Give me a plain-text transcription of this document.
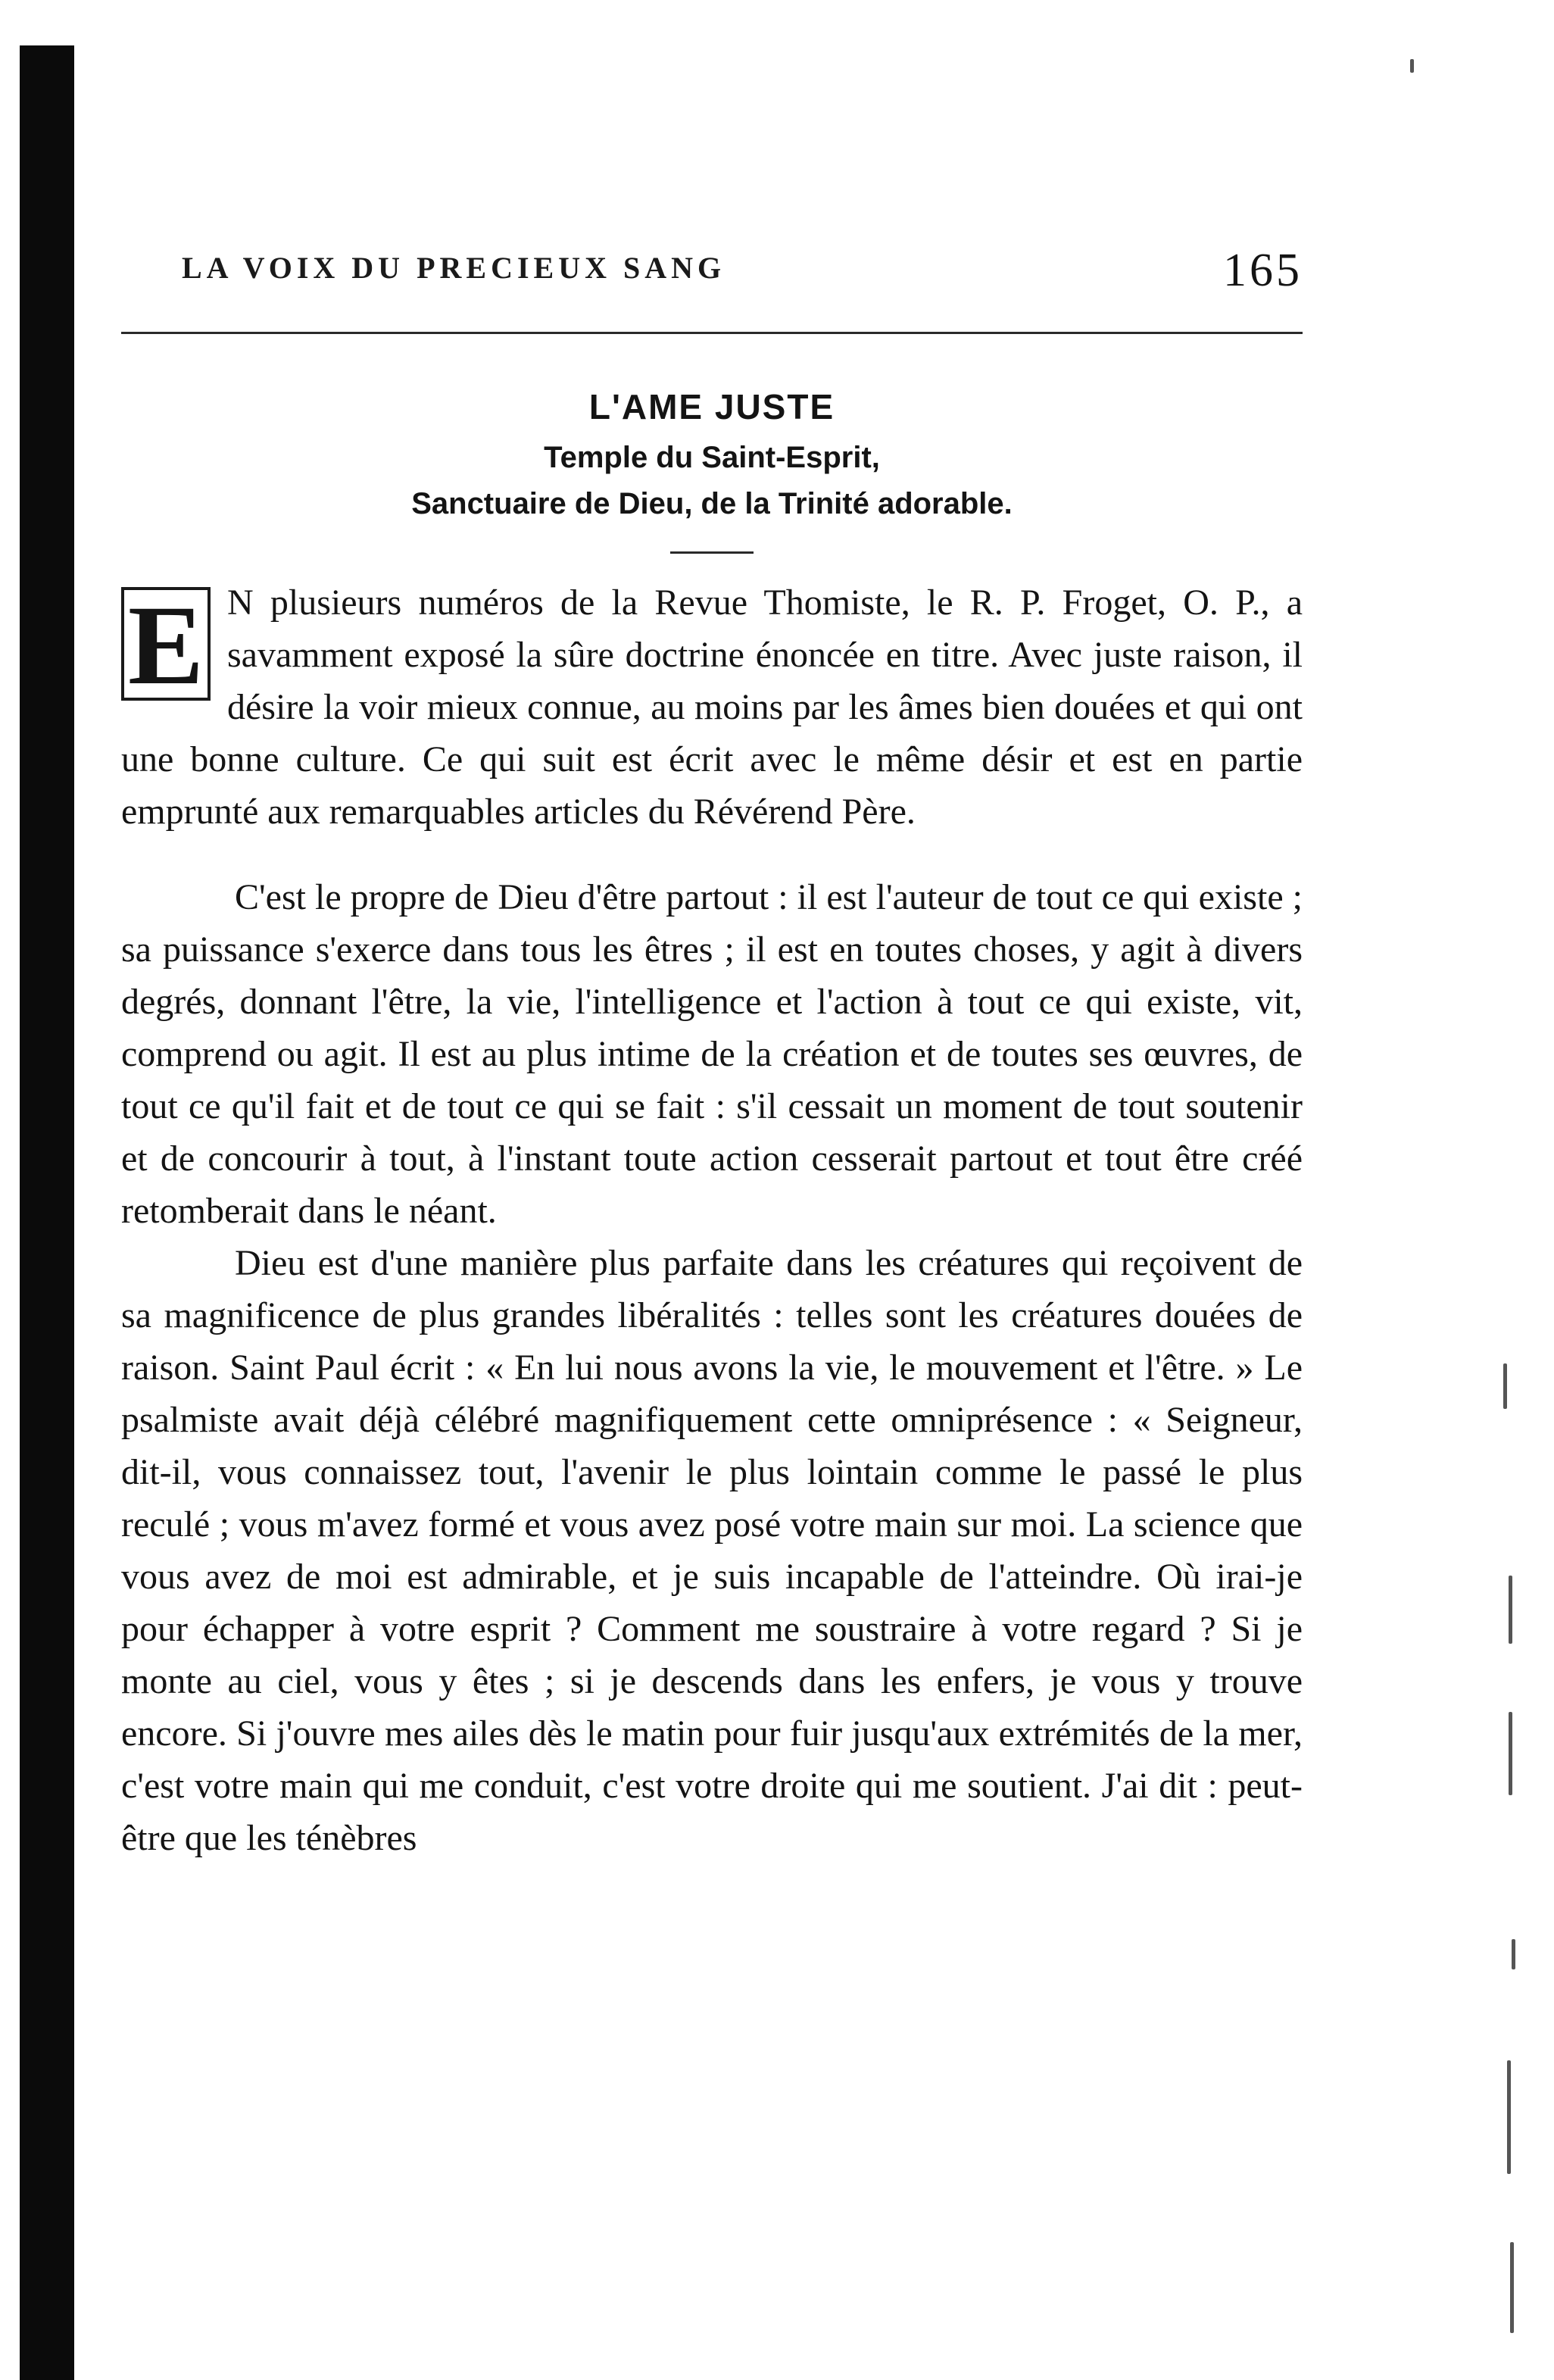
LA VOIX DU PRECIEUX SANG	165
L'AME JUSTE
Temple du Saint-Esprit,
Sanctuaire de Dieu, de la Trinité adorable.

E N plusieurs numéros de la Revue Thomiste, le R. P. Froget, O. P., a savamment exposé la sûre doctrine énoncée en titre. Avec juste raison, il désire la voir mieux connue, au moins par les âmes bien douées et qui ont une bonne culture. Ce qui suit est écrit avec le même désir et est en partie emprunté aux remarquables articles du Révérend Père.

C'est le propre de Dieu d'être partout : il est l'auteur de tout ce qui existe ; sa puissance s'exerce dans tous les êtres ; il est en toutes choses, y agit à divers degrés, donnant l'être, la vie, l'intelligence et l'action à tout ce qui existe, vit, comprend ou agit. Il est au plus intime de la création et de toutes ses œuvres, de tout ce qu'il fait et de tout ce qui se fait : s'il cessait un moment de tout soutenir et de concourir à tout, à l'instant toute action cesserait partout et tout être créé retomberait dans le néant.

Dieu est d'une manière plus parfaite dans les créatures qui reçoivent de sa magnificence de plus grandes libéralités : telles sont les créatures douées de raison. Saint Paul écrit : « En lui nous avons la vie, le mouvement et l'être. » Le psalmiste avait déjà célébré magnifiquement cette omniprésence : « Seigneur, dit-il, vous connaissez tout, l'avenir le plus lointain comme le passé le plus reculé ; vous m'avez formé et vous avez posé votre main sur moi. La science que vous avez de moi est admirable, et je suis incapable de l'atteindre. Où irai-je pour échapper à votre esprit ? Comment me soustraire à votre regard ? Si je monte au ciel, vous y êtes ; si je descends dans les enfers, je vous y trouve encore. Si j'ouvre mes ailes dès le matin pour fuir jusqu'aux extrémités de la mer, c'est votre main qui me conduit, c'est votre droite qui me soutient. J'ai dit : peut-être que les ténèbres
